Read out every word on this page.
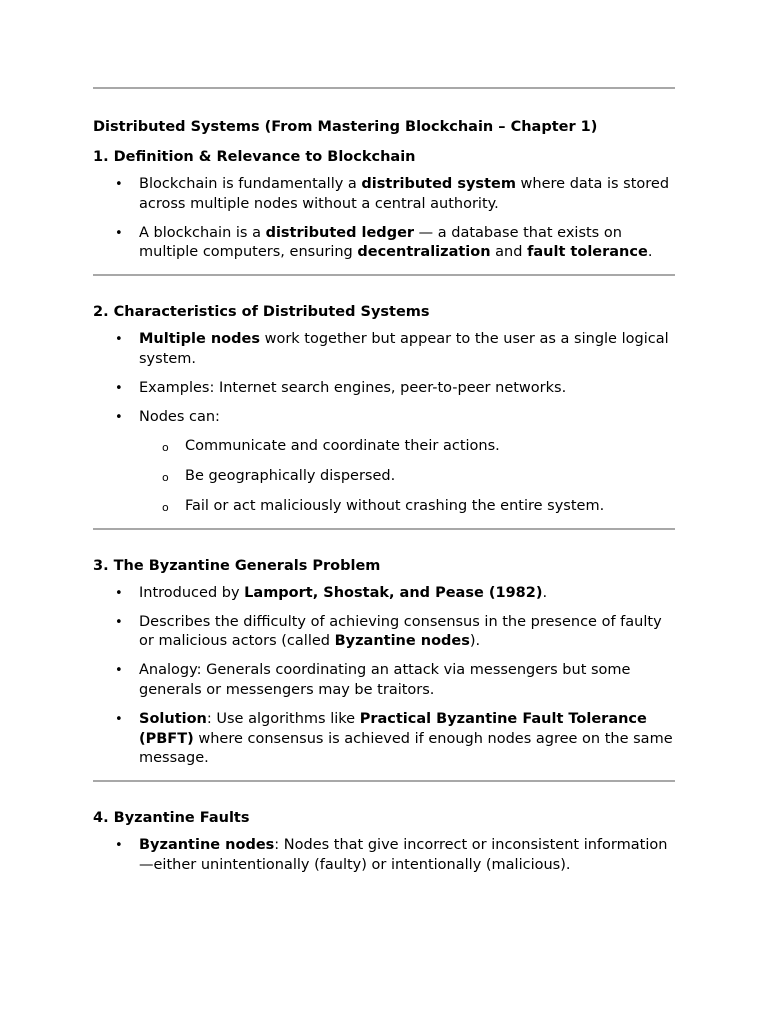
Distributed Systems (From Mastering Blockchain – Chapter 1)
1. Definition & Relevance to Blockchain
• Blockchain is fundamentally a distributed system where data is stored across multiple nodes without a central authority.
• A blockchain is a distributed ledger — a database that exists on multiple computers, ensuring decentralization and fault tolerance.
2. Characteristics of Distributed Systems
• Multiple nodes work together but appear to the user as a single logical system.
• Examples: Internet search engines, peer-to-peer networks.
• Nodes can:
o Communicate and coordinate their actions.
o Be geographically dispersed.
o Fail or act maliciously without crashing the entire system.
3. The Byzantine Generals Problem
• Introduced by Lamport, Shostak, and Pease (1982).
• Describes the difficulty of achieving consensus in the presence of faulty or malicious actors (called Byzantine nodes).
• Analogy: Generals coordinating an attack via messengers but some generals or messengers may be traitors.
• Solution: Use algorithms like Practical Byzantine Fault Tolerance (PBFT) where consensus is achieved if enough nodes agree on the same message.
4. Byzantine Faults
• Byzantine nodes: Nodes that give incorrect or inconsistent information—either unintentionally (faulty) or intentionally (malicious).
